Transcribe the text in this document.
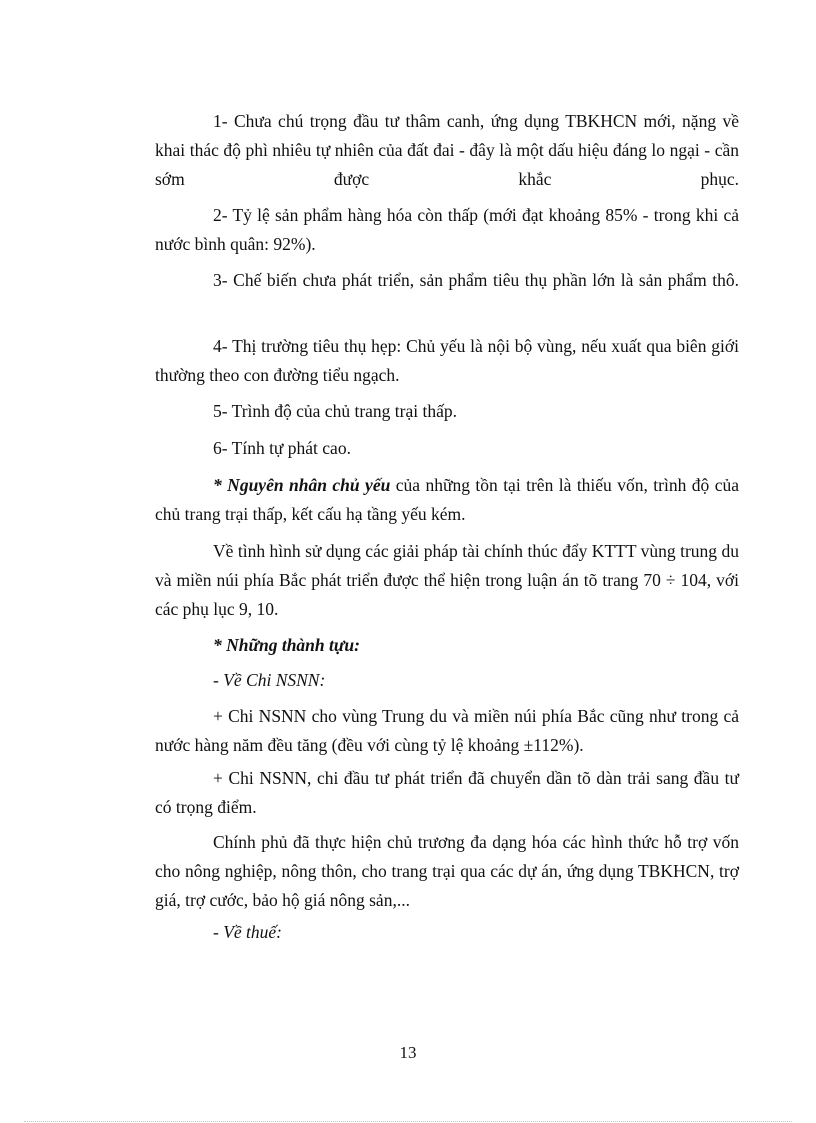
1- Chưa chú trọng đầu tư thâm canh, ứng dụng TBKHCN mới, nặng về khai thác độ phì nhiêu tự nhiên của đất đai - đây là một dấu hiệu đáng lo ngại - cần sớm được khắc phục.

2- Tỷ lệ sản phẩm hàng hóa còn thấp (mới đạt khoảng 85% - trong khi cả nước bình quân: 92%).

3- Chế biến chưa phát triển, sản phẩm tiêu thụ phần lớn là sản phẩm thô.

4- Thị trường tiêu thụ hẹp: Chủ yếu là nội bộ vùng, nếu xuất qua biên giới thường theo con đường tiểu ngạch.

5- Trình độ của chủ trang trại thấp.

6- Tính tự phát cao.

* Nguyên nhân chủ yếu của những tồn tại trên là thiếu vốn, trình độ của chủ trang trại thấp, kết cấu hạ tầng yếu kém.

Về tình hình sử dụng các giải pháp tài chính thúc đẩy KTTT vùng trung du và miền núi phía Bắc phát triển được thể hiện trong luận án tõ trang 70 ÷ 104, với các phụ lục 9, 10.

* Những thành tựu:

- Về Chi NSNN:

+ Chi NSNN cho vùng Trung du và miền núi phía Bắc cũng như trong cả nước hàng năm đều tăng (đều với cùng tỷ lệ khoảng ±112%).

+ Chi NSNN, chi đầu tư phát triển đã chuyển dần tõ dàn trải sang đầu tư có trọng điểm.

Chính phủ đã thực hiện chủ trương đa dạng hóa các hình thức hỗ trợ vốn cho nông nghiệp, nông thôn, cho trang trại qua các dự án, ứng dụng TBKHCN, trợ giá, trợ cước, bảo hộ giá nông sản,...

- Về thuế:

13
